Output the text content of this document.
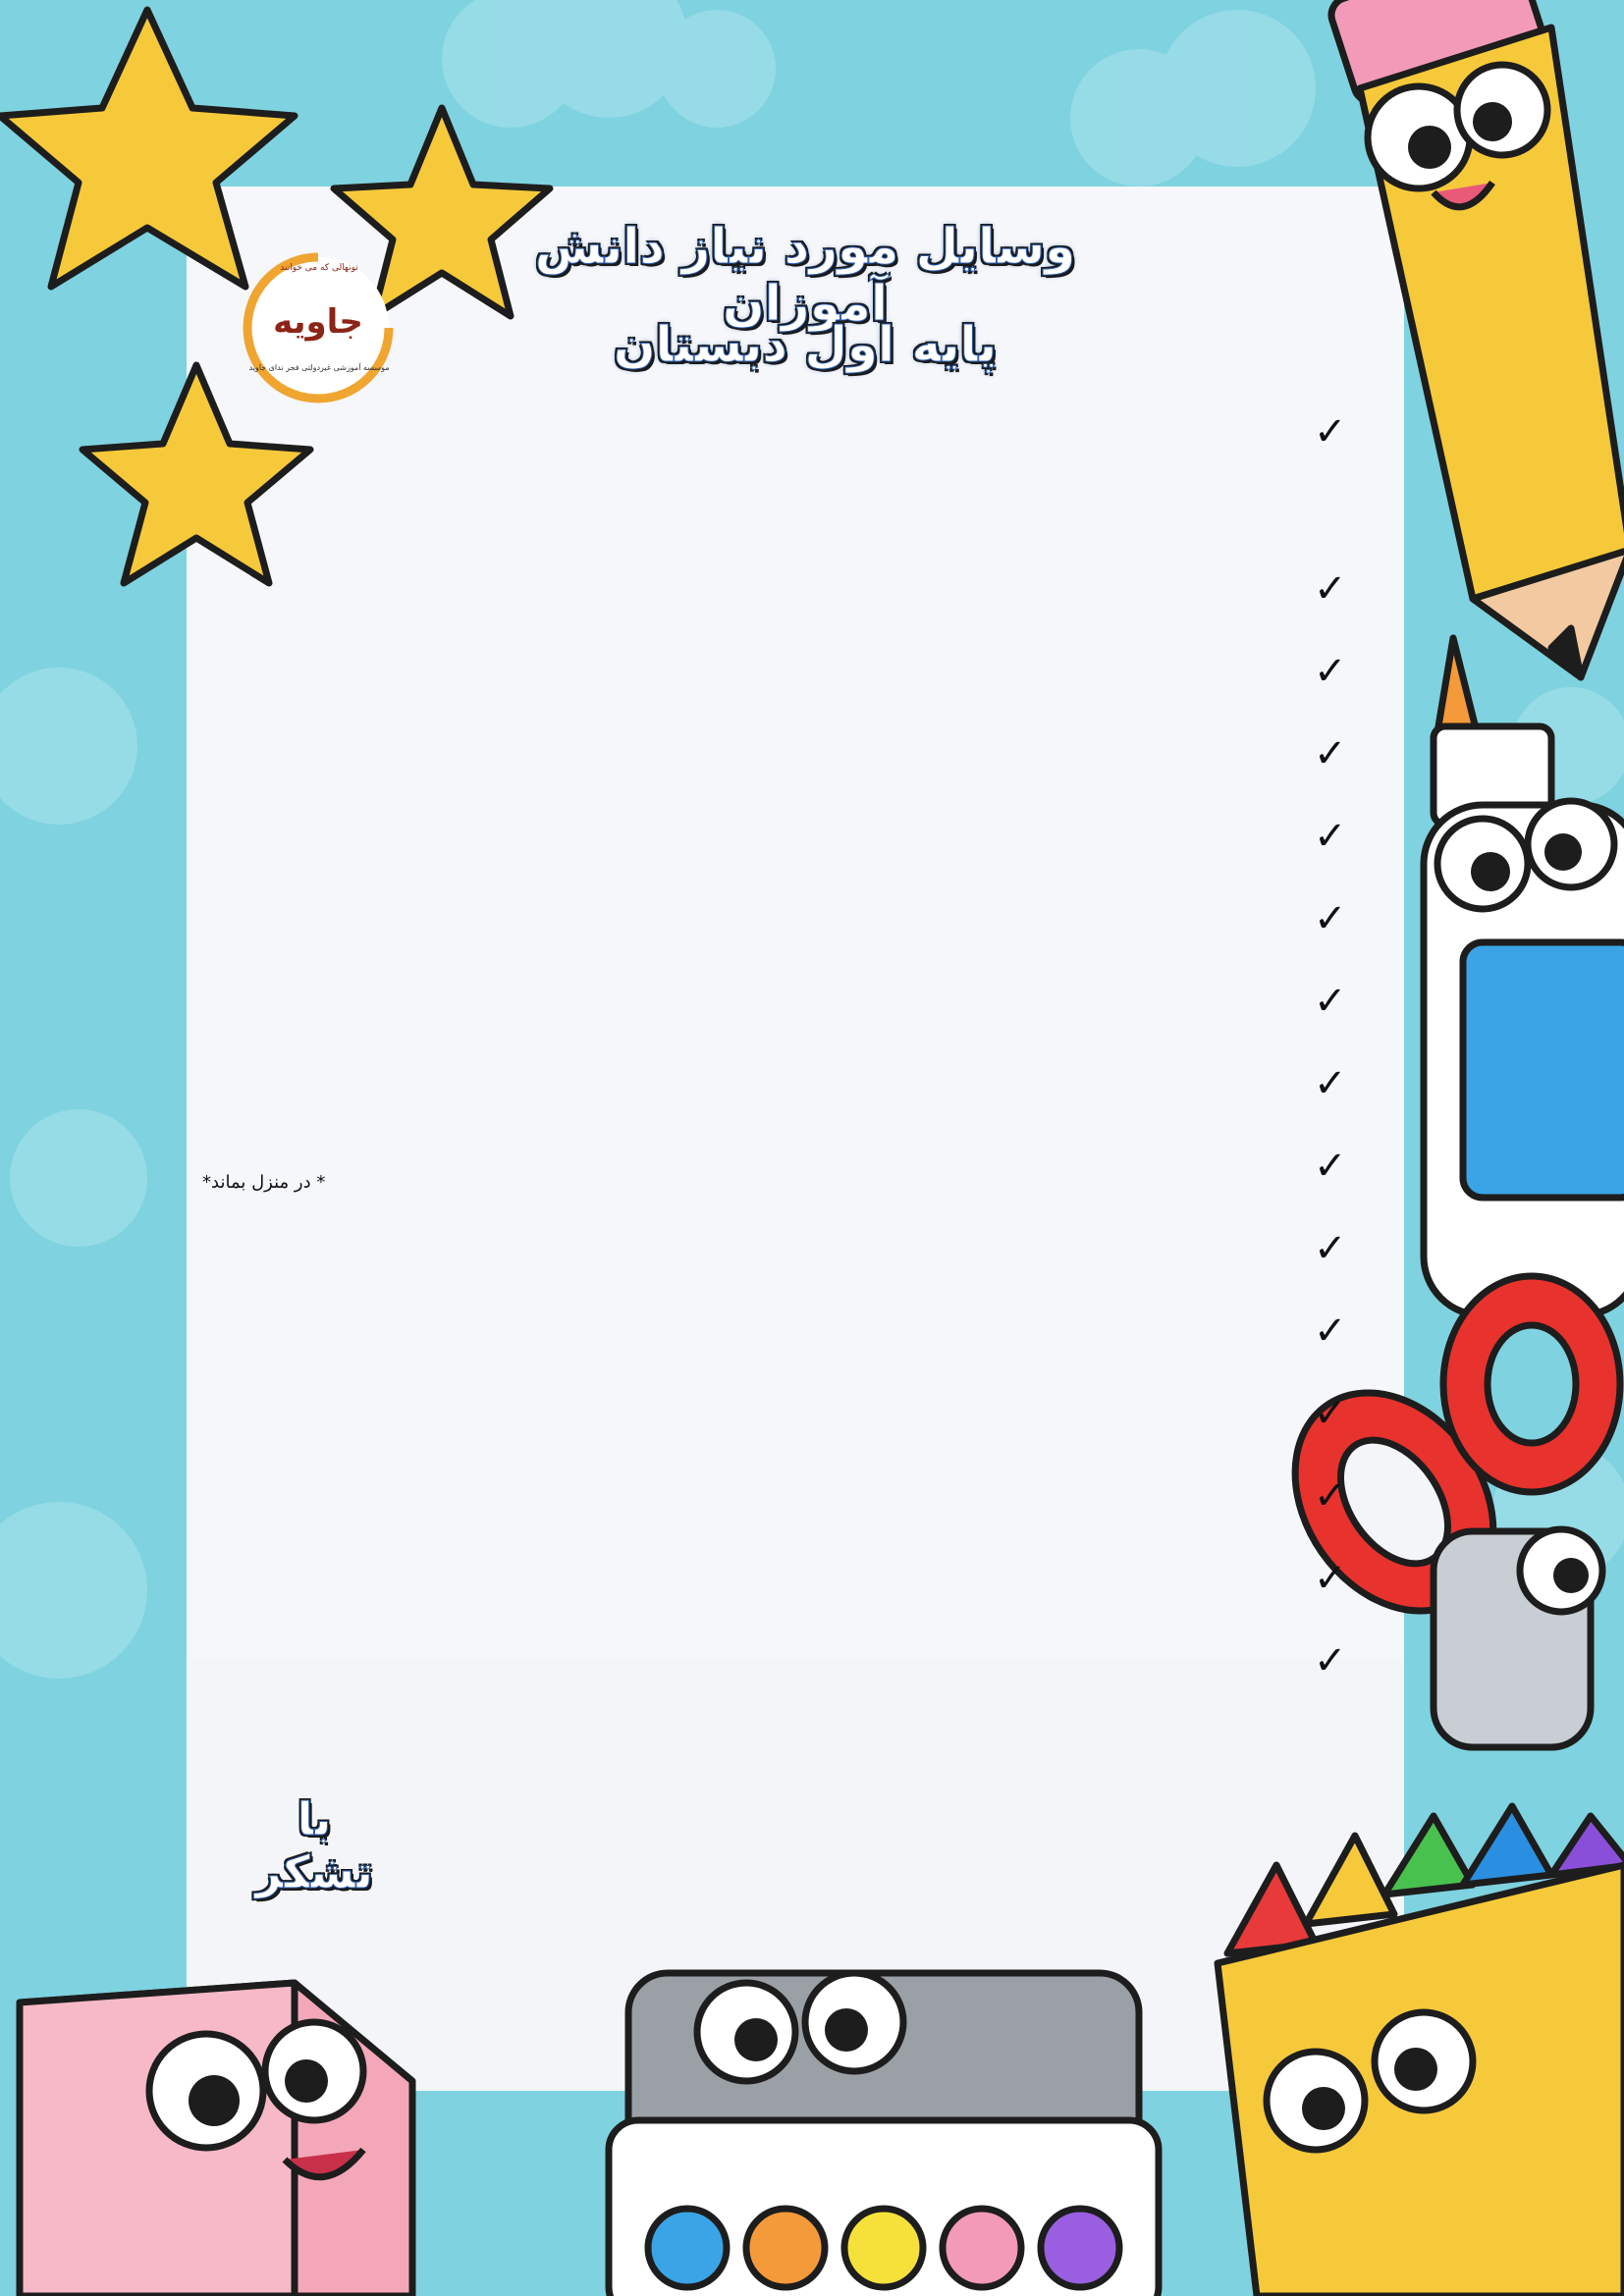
نونهالی که می خوانند
جاویه
موسسه آموزشی غیردولتی فجر ندای جاوید
وسایل مورد نیاز دانش آموزان
پایه اول دبستان
✓
✓
✓
✓
✓
✓
✓
✓
✓
* در منزل بماند*
✓
✓
✓
✓
✓
✓
با تشکر
